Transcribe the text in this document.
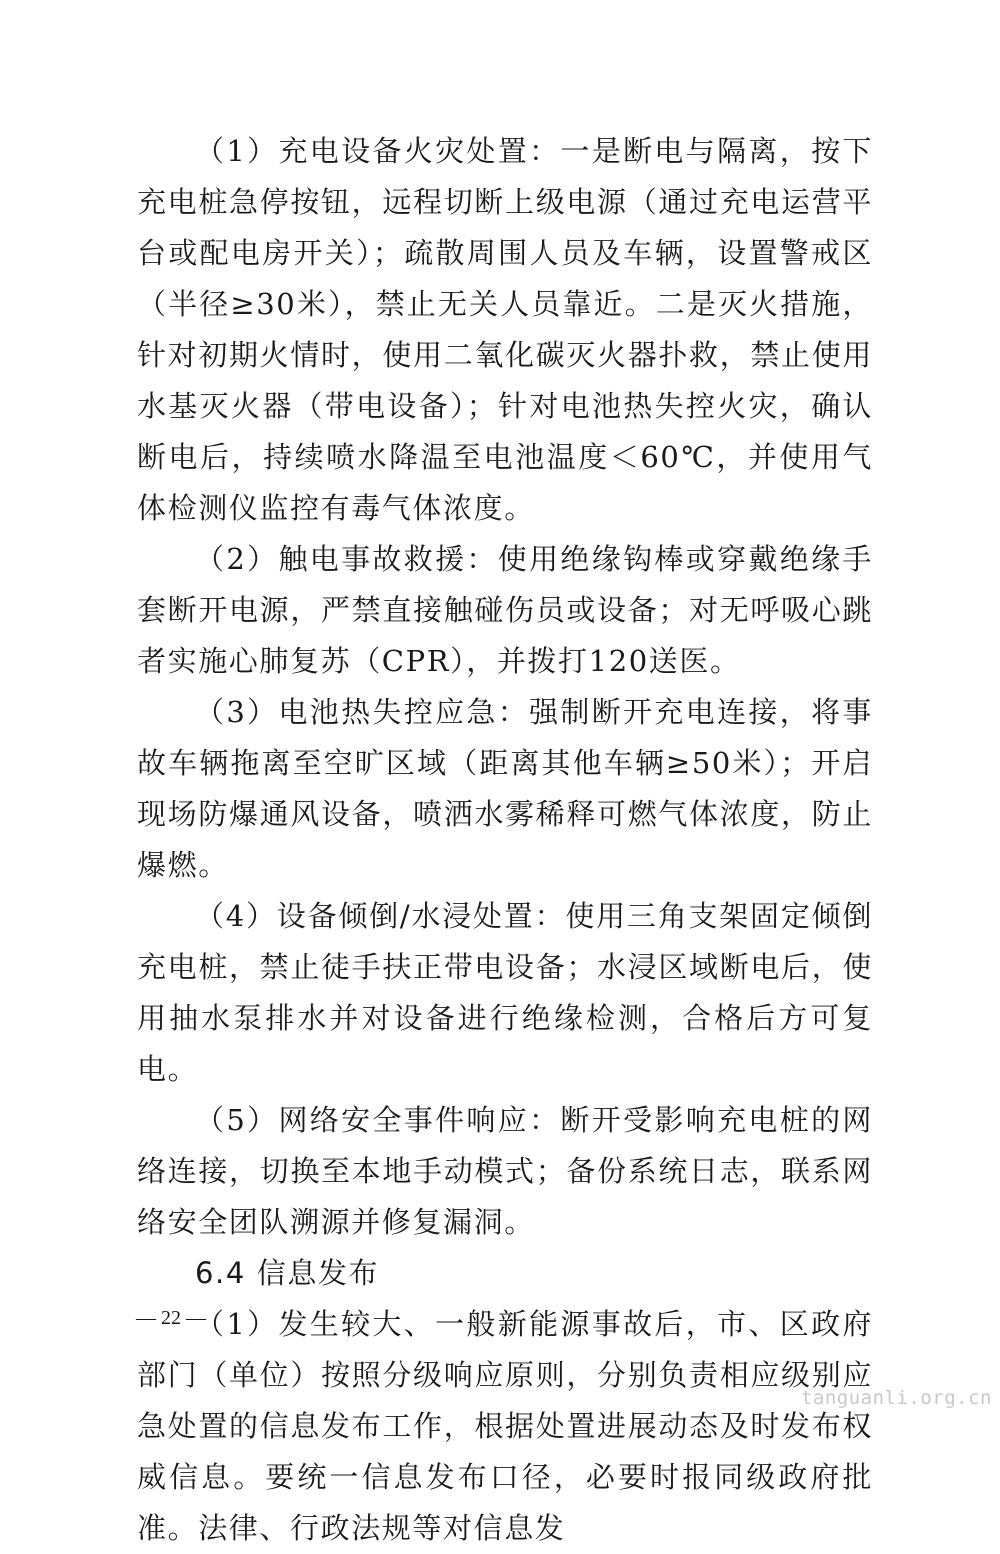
（1）充电设备火灾处置：一是断电与隔离，按下充电桩急停按钮，远程切断上级电源（通过充电运营平台或配电房开关）；疏散周围人员及车辆，设置警戒区（半径≥30米），禁止无关人员靠近。二是灭火措施，针对初期火情时，使用二氧化碳灭火器扑救，禁止使用水基灭火器（带电设备）；针对电池热失控火灾，确认断电后，持续喷水降温至电池温度＜60℃，并使用气体检测仪监控有毒气体浓度。

（2）触电事故救援：使用绝缘钩棒或穿戴绝缘手套断开电源，严禁直接触碰伤员或设备；对无呼吸心跳者实施心肺复苏（CPR），并拨打120送医。

（3）电池热失控应急：强制断开充电连接，将事故车辆拖离至空旷区域（距离其他车辆≥50米）；开启现场防爆通风设备，喷洒水雾稀释可燃气体浓度，防止爆燃。

（4）设备倾倒/水浸处置：使用三角支架固定倾倒充电桩，禁止徒手扶正带电设备；水浸区域断电后，使用抽水泵排水并对设备进行绝缘检测，合格后方可复电。

（5）网络安全事件响应：断开受影响充电桩的网络连接，切换至本地手动模式；备份系统日志，联系网络安全团队溯源并修复漏洞。

6.4 信息发布

（1）发生较大、一般新能源事故后，市、区政府部门（单位）按照分级响应原则，分别负责相应级别应急处置的信息发布工作，根据处置进展动态及时发布权威信息。要统一信息发布口径，必要时报同级政府批准。法律、行政法规等对信息发

— 22 —
tanguanli.org.cn
